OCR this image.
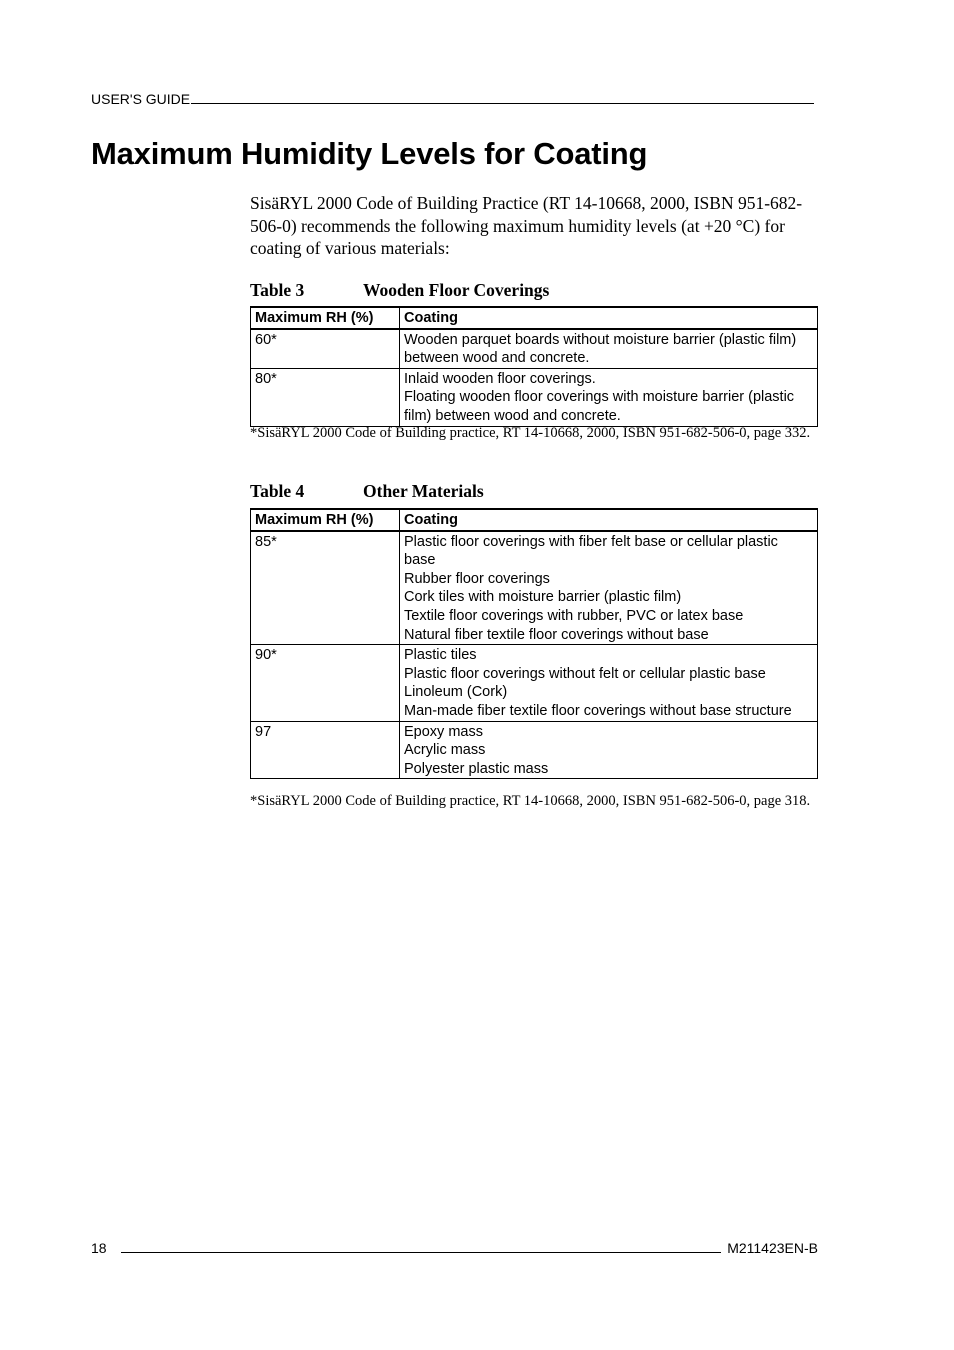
USER'S GUIDE
Maximum Humidity Levels for Coating

SisäRYL 2000 Code of Building Practice (RT 14-10668, 2000, ISBN 951-682-506-0) recommends the following maximum humidity levels (at +20 °C) for coating of various materials:

Table 3	Wooden Floor Coverings
Maximum RH (%)	Coating
60*	Wooden parquet boards without moisture barrier (plastic film) between wood and concrete.

80*	Inlaid wooden floor coverings.
Floating wooden floor coverings with moisture barrier (plastic film) between wood and concrete.

*SisäRYL 2000 Code of Building practice, RT 14-10668, 2000, ISBN 951-682-506-0, page 332.

Table 4	Other Materials
Maximum RH (%)	Coating
85*	Plastic floor coverings with fiber felt base or cellular plastic base
Rubber floor coverings
Cork tiles with moisture barrier (plastic film)
Textile floor coverings with rubber, PVC or latex base
Natural fiber textile floor coverings without base

90*	Plastic tiles
Plastic floor coverings without felt or cellular plastic base
Linoleum (Cork)
Man-made fiber textile floor coverings without base structure

97	Epoxy mass
Acrylic mass
Polyester plastic mass

*SisäRYL 2000 Code of Building practice, RT 14-10668, 2000, ISBN 951-682-506-0, page 318.

18	M211423EN-B
